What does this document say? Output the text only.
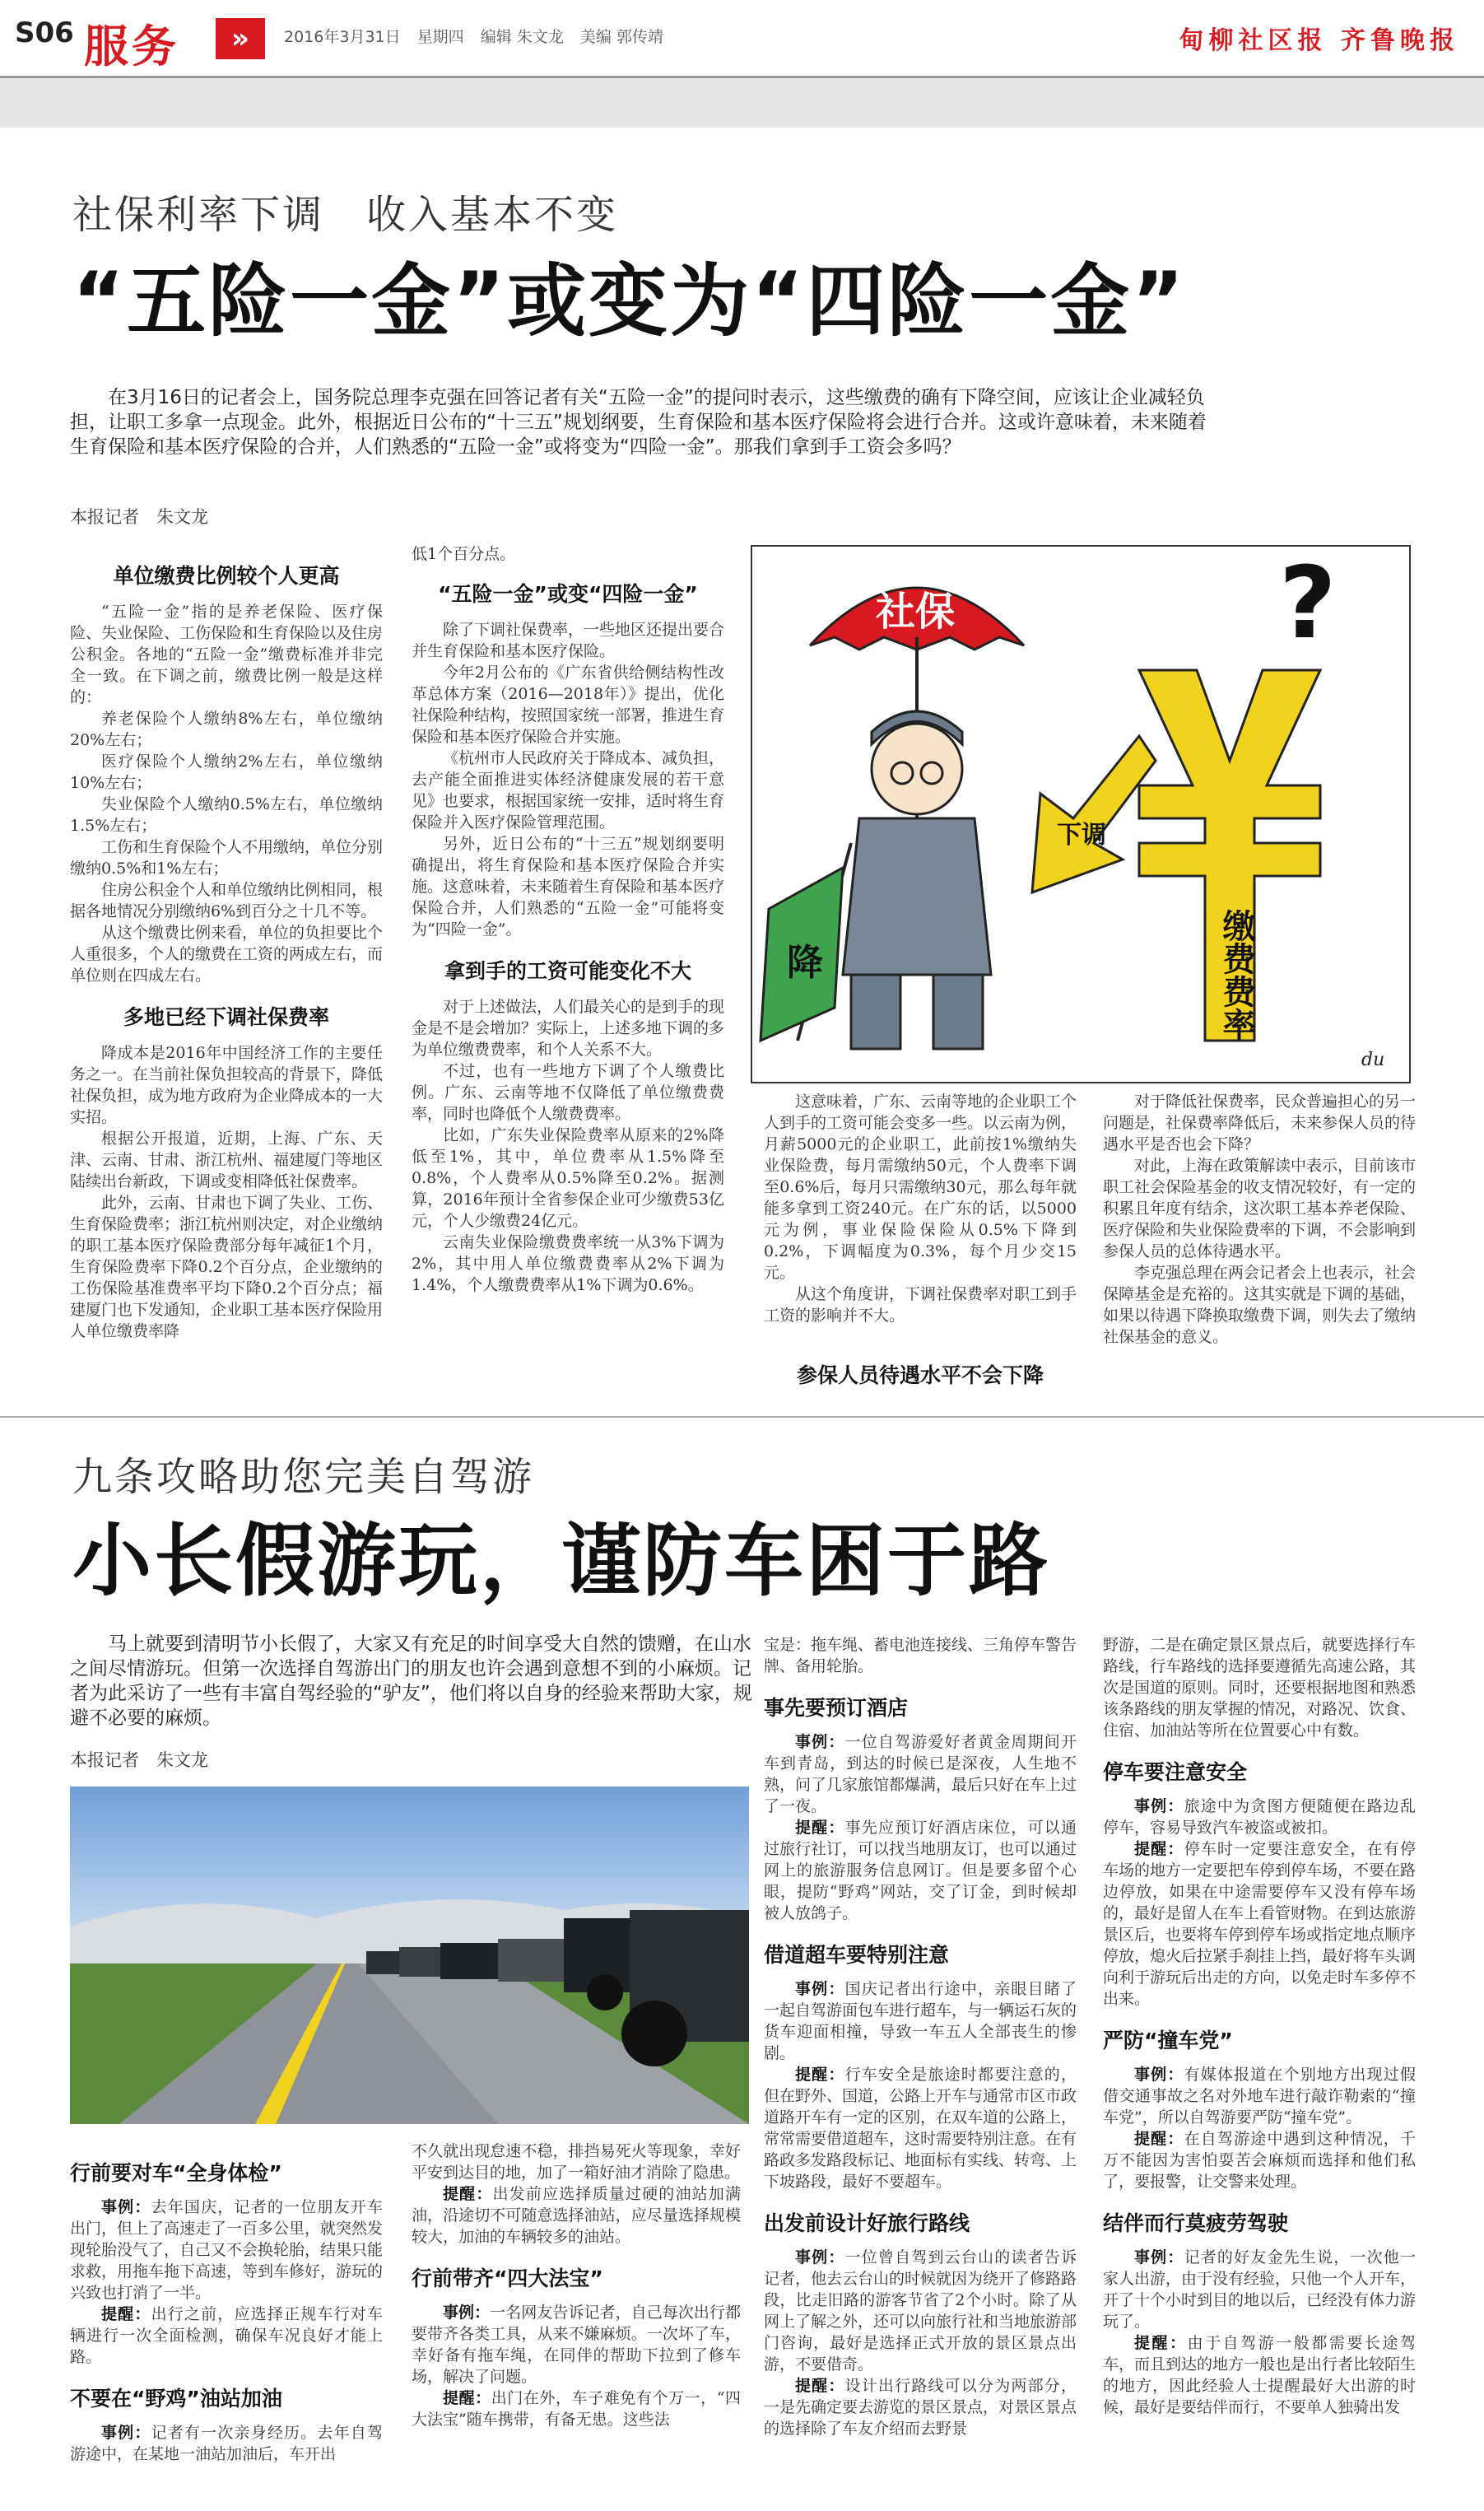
S06 服务	»	2016年3月31日 星期四 编辑 朱文龙 美编 郭传靖	甸柳社区报 齐鲁晚报
社保利率下调　收入基本不变
“五险一金”或变为“四险一金”
在3月16日的记者会上，国务院总理李克强在回答记者有关“五险一金”的提问时表示，这些缴费的确有下降空间，应该让企业减轻负担，让职工多拿一点现金。此外，根据近日公布的“十三五”规划纲要，生育保险和基本医疗保险将会进行合并。这或许意味着，未来随着生育保险和基本医疗保险的合并，人们熟悉的“五险一金”或将变为“四险一金”。那我们拿到手工资会多吗？
本报记者　朱文龙
单位缴费比例较个人更高

“五险一金”指的是养老保险、医疗保险、失业保险、工伤保险和生育保险以及住房公积金。各地的“五险一金”缴费标准并非完全一致。在下调之前，缴费比例一般是这样的：

养老保险个人缴纳8%左右，单位缴纳20%左右；

医疗保险个人缴纳2%左右，单位缴纳10%左右；

失业保险个人缴纳0.5%左右，单位缴纳1.5%左右；

工伤和生育保险个人不用缴纳，单位分别缴纳0.5%和1%左右；

住房公积金个人和单位缴纳比例相同，根据各地情况分别缴纳6%到百分之十几不等。

从这个缴费比例来看，单位的负担要比个人重很多，个人的缴费在工资的两成左右，而单位则在四成左右。

多地已经下调社保费率

降成本是2016年中国经济工作的主要任务之一。在当前社保负担较高的背景下，降低社保负担，成为地方政府为企业降成本的一大实招。

根据公开报道，近期，上海、广东、天津、云南、甘肃、浙江杭州、福建厦门等地区陆续出台新政，下调或变相降低社保费率。

此外，云南、甘肃也下调了失业、工伤、生育保险费率；浙江杭州则决定，对企业缴纳的职工基本医疗保险费部分每年减征1个月，生育保险费率下降0.2个百分点，企业缴纳的工伤保险基准费率平均下降0.2个百分点；福建厦门也下发通知，企业职工基本医疗保险用人单位缴费率降

低1个百分点。

“五险一金”或变“四险一金”

除了下调社保费率，一些地区还提出要合并生育保险和基本医疗保险。

今年2月公布的《广东省供给侧结构性改革总体方案（2016—2018年）》提出，优化社保险种结构，按照国家统一部署，推进生育保险和基本医疗保险合并实施。

《杭州市人民政府关于降成本、减负担，去产能全面推进实体经济健康发展的若干意见》也要求，根据国家统一安排，适时将生育保险并入医疗保险管理范围。

另外，近日公布的“十三五”规划纲要明确提出，将生育保险和基本医疗保险合并实施。这意味着，未来随着生育保险和基本医疗保险合并，人们熟悉的“五险一金”可能将变为“四险一金”。

拿到手的工资可能变化不大

对于上述做法，人们最关心的是到手的现金是不是会增加？实际上，上述多地下调的多为单位缴费费率，和个人关系不大。

不过，也有一些地方下调了个人缴费比例。广东、云南等地不仅降低了单位缴费费率，同时也降低个人缴费费率。

比如，广东失业保险费率从原来的2%降低至1%，其中，单位费率从1.5%降至0.8%，个人费率从0.5%降至0.2%。据测算，2016年预计全省参保企业可少缴费53亿元，个人少缴费24亿元。

云南失业保险缴费费率统一从3%下调为2%，其中用人单位缴费费率从2%下调为1.4%，个人缴费费率从1%下调为0.6%。

社保	?
缴费费率
下调
降
du

这意味着，广东、云南等地的企业职工个人到手的工资可能会变多一些。以云南为例，月薪5000元的企业职工，此前按1%缴纳失业保险费，每月需缴纳50元，个人费率下调至0.6%后，每月只需缴纳30元，那么每年就能多拿到工资240元。在广东的话，以5000元为例，事业保险保险从0.5%下降到0.2%，下调幅度为0.3%，每个月少交15元。

从这个角度讲，下调社保费率对职工到手工资的影响并不大。

参保人员待遇水平不会下降

对于降低社保费率，民众普遍担心的另一问题是，社保费率降低后，未来参保人员的待遇水平是否也会下降？

对此，上海在政策解读中表示，目前该市职工社会保险基金的收支情况较好，有一定的积累且年度有结余，这次职工基本养老保险、医疗保险和失业保险费率的下调，不会影响到参保人员的总体待遇水平。

李克强总理在两会记者会上也表示，社会保障基金是充裕的。这其实就是下调的基础，如果以待遇下降换取缴费下调，则失去了缴纳社保基金的意义。

九条攻略助您完美自驾游
小长假游玩，谨防车困于路
马上就要到清明节小长假了，大家又有充足的时间享受大自然的馈赠，在山水之间尽情游玩。但第一次选择自驾游出门的朋友也许会遇到意想不到的小麻烦。记者为此采访了一些有丰富自驾经验的“驴友”，他们将以自身的经验来帮助大家，规避不必要的麻烦。
本报记者　朱文龙
行前要对车“全身体检”

事例：去年国庆，记者的一位朋友开车出门，但上了高速走了一百多公里，就突然发现轮胎没气了，自己又不会换轮胎，结果只能求救，用拖车拖下高速，等到车修好，游玩的兴致也打消了一半。

提醒：出行之前，应选择正规车行对车辆进行一次全面检测，确保车况良好才能上路。

不要在“野鸡”油站加油

事例：记者有一次亲身经历。去年自驾游途中，在某地一油站加油后，车开出

不久就出现怠速不稳，排挡易死火等现象，幸好平安到达目的地，加了一箱好油才消除了隐患。

提醒：出发前应选择质量过硬的油站加满油，沿途切不可随意选择油站，应尽量选择规模较大，加油的车辆较多的油站。

行前带齐“四大法宝”

事例：一名网友告诉记者，自己每次出行都要带齐各类工具，从来不嫌麻烦。一次坏了车，幸好备有拖车绳，在同伴的帮助下拉到了修车场，解决了问题。

提醒：出门在外，车子难免有个万一，“四大法宝”随车携带，有备无患。这些法

宝是：拖车绳、蓄电池连接线、三角停车警告牌、备用轮胎。

事先要预订酒店

事例：一位自驾游爱好者黄金周期间开车到青岛，到达的时候已是深夜，人生地不熟，问了几家旅馆都爆满，最后只好在车上过了一夜。

提醒：事先应预订好酒店床位，可以通过旅行社订，可以找当地朋友订，也可以通过网上的旅游服务信息网订。但是要多留个心眼，提防“野鸡”网站，交了订金，到时候却被人放鸽子。

借道超车要特别注意

事例：国庆记者出行途中，亲眼目睹了一起自驾游面包车进行超车，与一辆运石灰的货车迎面相撞，导致一车五人全部丧生的惨剧。

提醒：行车安全是旅途时都要注意的，但在野外、国道，公路上开车与通常市区市政道路开车有一定的区别，在双车道的公路上，常常需要借道超车，这时需要特别注意。在有路政多发路段标记、地面标有实线、转弯、上下坡路段，最好不要超车。

出发前设计好旅行路线

事例：一位曾自驾到云台山的读者告诉记者，他去云台山的时候就因为绕开了修路路段，比走旧路的游客节省了2个小时。除了从网上了解之外，还可以向旅行社和当地旅游部门咨询，最好是选择正式开放的景区景点出游，不要借奇。

提醒：设计出行路线可以分为两部分，一是先确定要去游览的景区景点，对景区景点的选择除了车友介绍而去野景

野游，二是在确定景区景点后，就要选择行车路线，行车路线的选择要遵循先高速公路，其次是国道的原则。同时，还要根据地图和熟悉该条路线的朋友掌握的情况，对路况、饮食、住宿、加油站等所在位置要心中有数。

停车要注意安全

事例：旅途中为贪图方便随便在路边乱停车，容易导致汽车被盗或被扣。

提醒：停车时一定要注意安全，在有停车场的地方一定要把车停到停车场，不要在路边停放，如果在中途需要停车又没有停车场的，最好是留人在车上看管财物。在到达旅游景区后，也要将车停到停车场或指定地点顺序停放，熄火后拉紧手刹挂上挡，最好将车头调向利于游玩后出走的方向，以免走时车多停不出来。

严防“撞车党”

事例：有媒体报道在个别地方出现过假借交通事故之名对外地车进行敲诈勒索的“撞车党”，所以自驾游要严防“撞车党”。

提醒：在自驾游途中遇到这种情况，千万不能因为害怕耍苦会麻烦而选择和他们私了，要报警，让交警来处理。

结伴而行莫疲劳驾驶

事例：记者的好友金先生说，一次他一家人出游，由于没有经验，只他一个人开车，开了十个小时到目的地以后，已经没有体力游玩了。

提醒：由于自驾游一般都需要长途驾车，而且到达的地方一般也是出行者比较陌生的地方，因此经验人士提醒最好大出游的时候，最好是要结伴而行，不要单人独骑出发
